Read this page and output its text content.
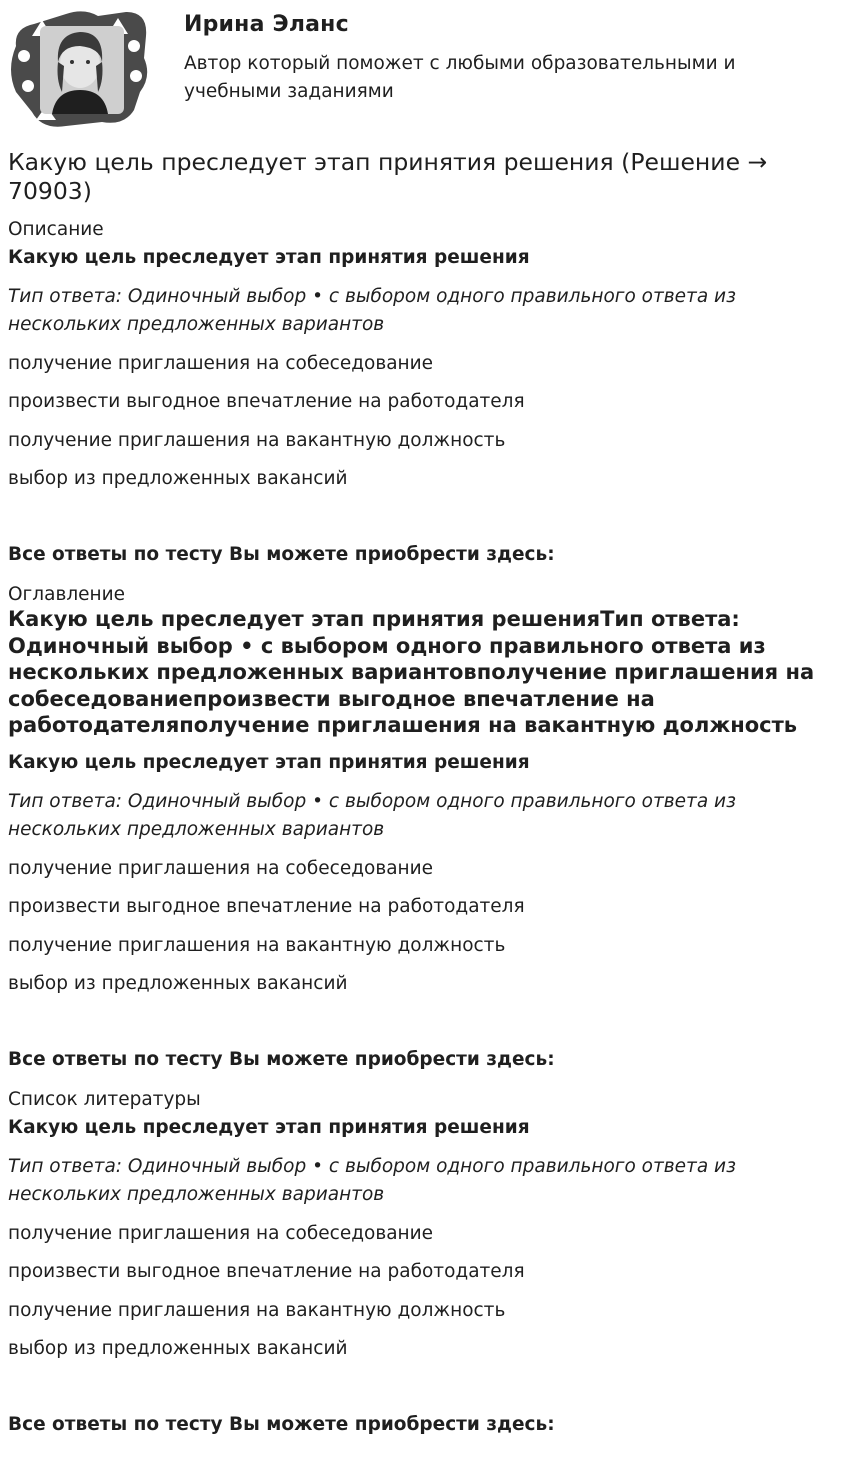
Ирина Эланс
Автор который поможет с любыми образовательными и учебными заданиями
Какую цель преследует этап принятия решения (Решение → 70903)
Описание
Какую цель преследует этап принятия решения
Тип ответа: Одиночный выбор • с выбором одного правильного ответа из нескольких предложенных вариантов
получение приглашения на собеседование
произвести выгодное впечатление на работодателя
получение приглашения на вакантную должность
выбор из предложенных вакансий
Все ответы по тесту Вы можете приобрести здесь:
Оглавление
Какую цель преследует этап принятия решенияТип ответа: Одиночный выбор • с выбором одного правильного ответа из нескольких предложенных вариантовполучение приглашения на собеседованиепроизвести выгодное впечатление на работодателяполучение приглашения на вакантную должность
Какую цель преследует этап принятия решения
Тип ответа: Одиночный выбор • с выбором одного правильного ответа из нескольких предложенных вариантов
получение приглашения на собеседование
произвести выгодное впечатление на работодателя
получение приглашения на вакантную должность
выбор из предложенных вакансий
Все ответы по тесту Вы можете приобрести здесь:
Список литературы
Какую цель преследует этап принятия решения
Тип ответа: Одиночный выбор • с выбором одного правильного ответа из нескольких предложенных вариантов
получение приглашения на собеседование
произвести выгодное впечатление на работодателя
получение приглашения на вакантную должность
выбор из предложенных вакансий
Все ответы по тесту Вы можете приобрести здесь:
